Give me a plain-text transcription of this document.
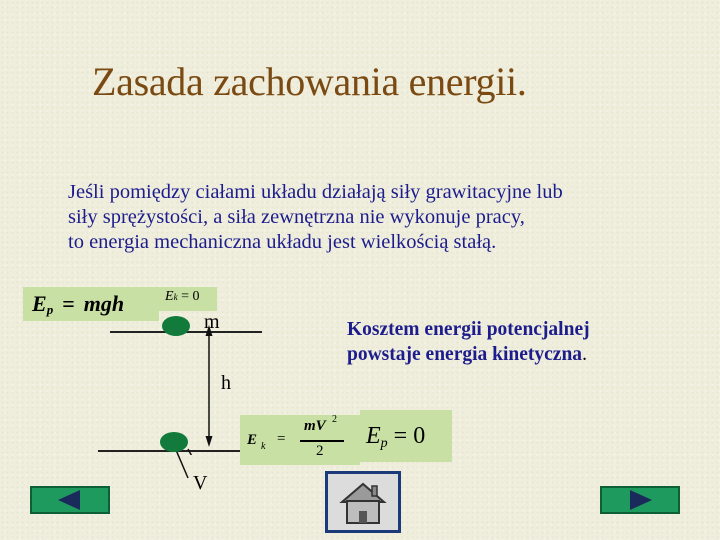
Zasada zachowania energii.
Jeśli pomiędzy ciałami układu działają siły grawitacyjne lub
siły sprężystości, a siła zewnętrzna nie wykonuje pracy,
to energia mechaniczna układu jest wielkością stałą.
E p = mgh	Ek = 0
m
h
V
E k =
mV 2
2
E p = 0
Kosztem energii potencjalnej
powstaje energia kinetyczna.
